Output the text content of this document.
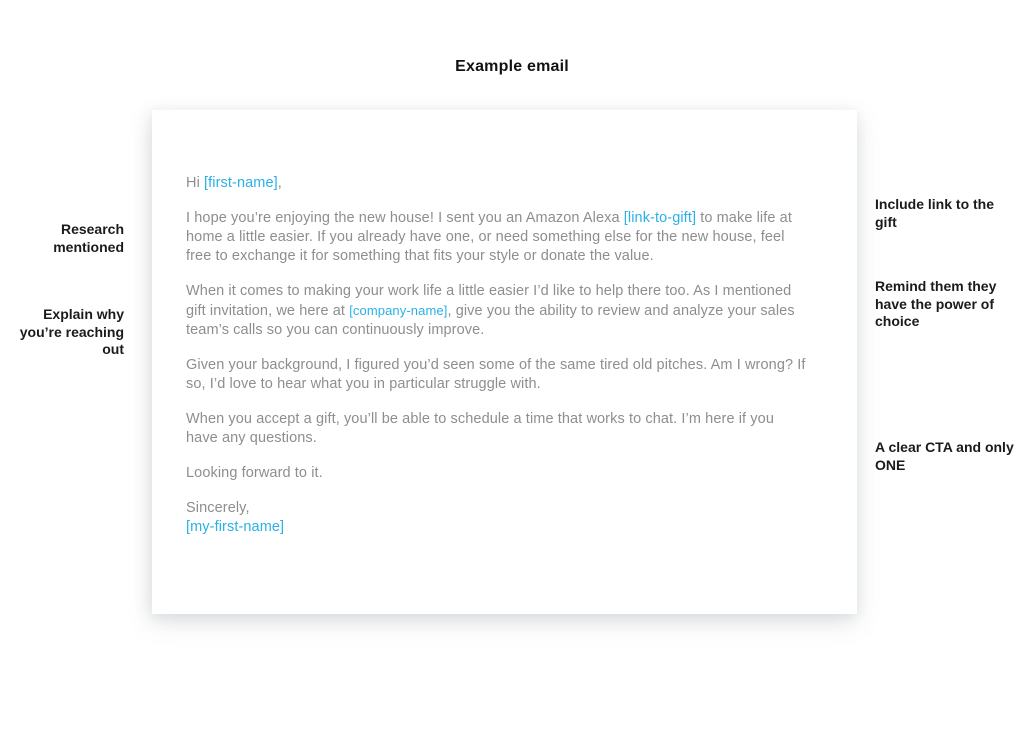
Example email
Research mentioned
Explain why you’re reaching out

Hi [first-name],

I hope you’re enjoying the new house! I sent you an Amazon Alexa [link-to-gift] to make life at home a little easier. If you already have one, or need something else for the new house, feel free to exchange it for something that fits your style or donate the value.

When it comes to making your work life a little easier I’d like to help there too. As I mentioned gift invitation, we here at [company-name], give you the ability to review and analyze your sales team’s calls so you can continuously improve.

Given your background, I figured you’d seen some of the same tired old pitches. Am I wrong? If so, I’d love to hear what you in particular struggle with.

When you accept a gift, you’ll be able to schedule a time that works to chat. I’m here if you have any questions.

Looking forward to it.

Sincerely,
[my-first-name]

Include link to the gift
Remind them they have the power of choice
A clear CTA and only ONE
